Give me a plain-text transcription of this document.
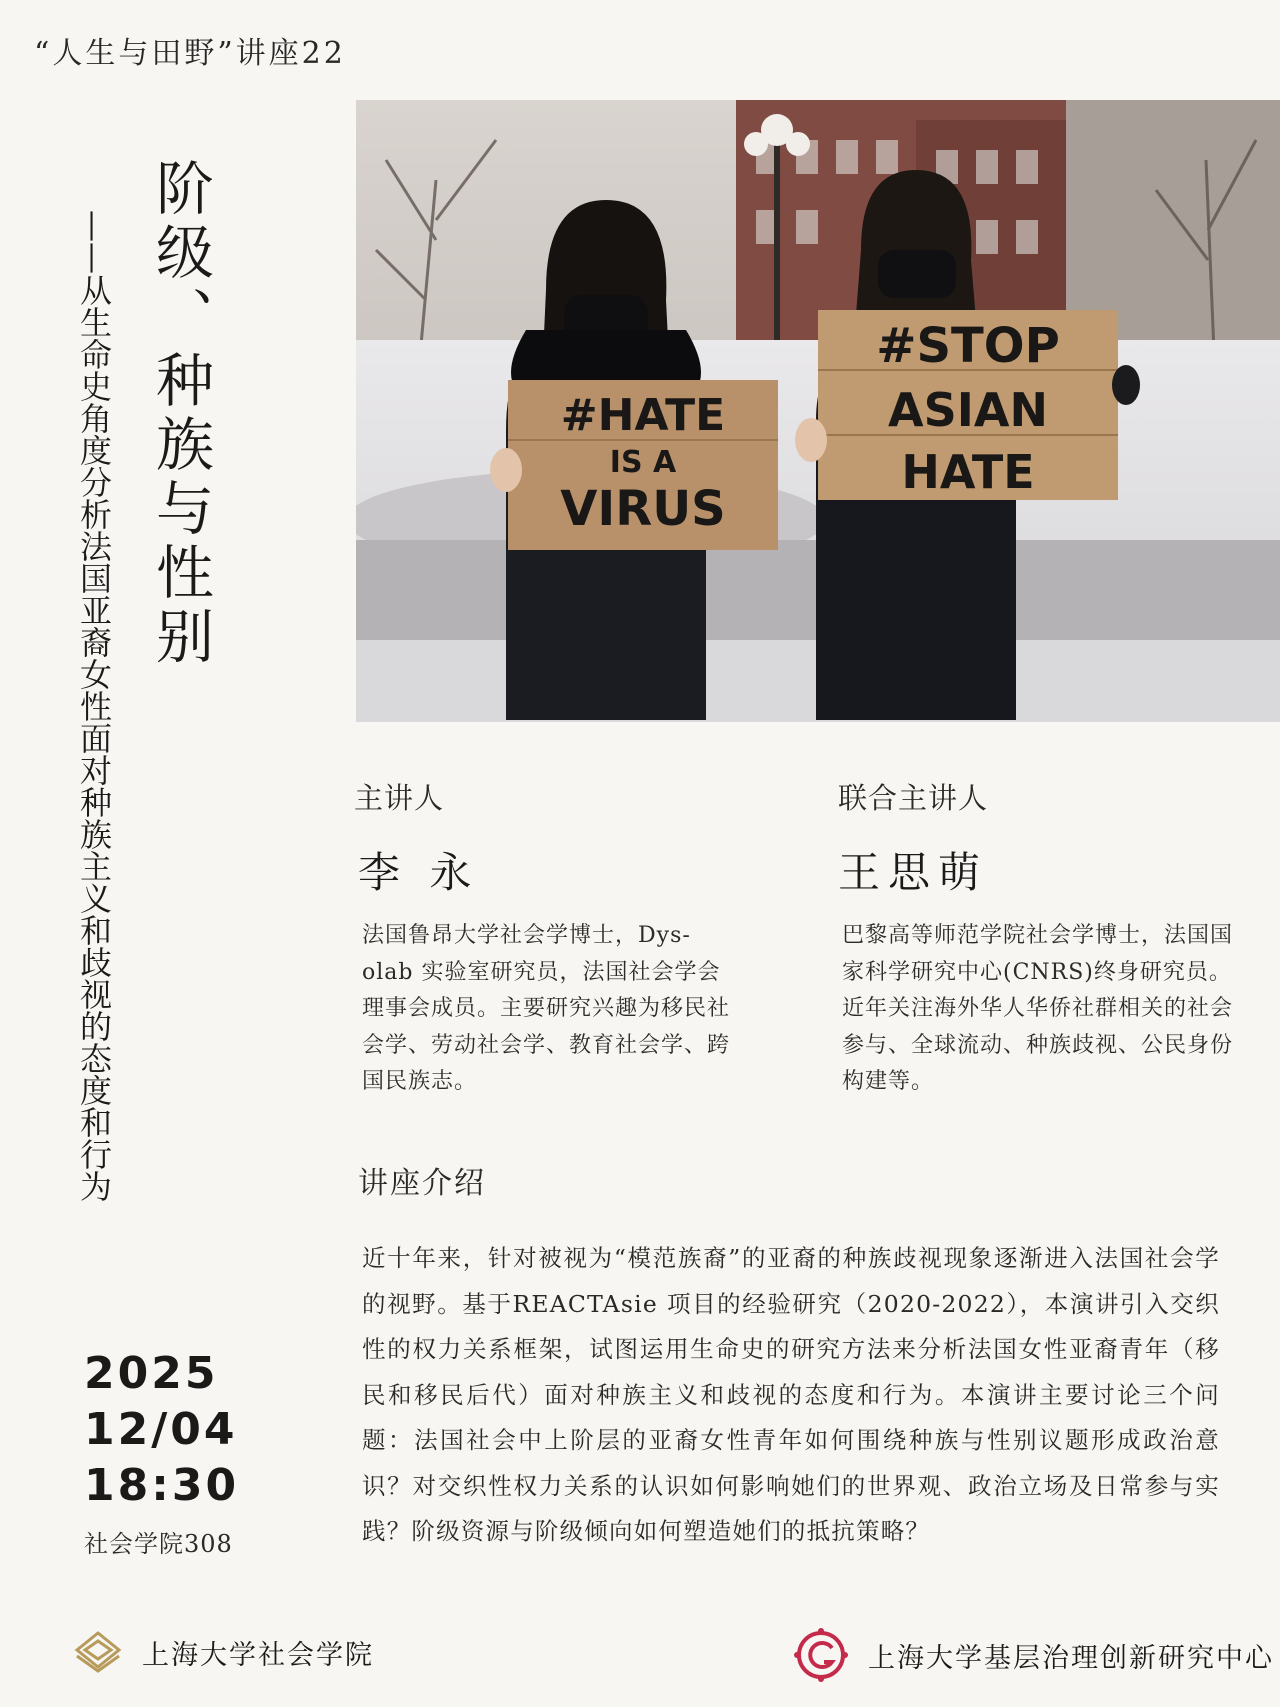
“人生与田野”讲座22
阶级、种族与性别
——从生命史角度分析法国亚裔女性面对种族主义和歧视的态度和行为	#HATE
IS A
VIRUS
#STOP
ASIAN
HATE
主讲人
李 永
法国鲁昂大学社会学博士，Dys-olab 实验室研究员，法国社会学会理事会成员。主要研究兴趣为移民社会学、劳动社会学、教育社会学、跨国民族志。
联合主讲人
王思萌
巴黎高等师范学院社会学博士，法国国家科学研究中心(CNRS)终身研究员。近年关注海外华人华侨社群相关的社会参与、全球流动、种族歧视、公民身份构建等。
讲座介绍
近十年来，针对被视为“模范族裔”的亚裔的种族歧视现象逐渐进入法国社会学的视野。基于REACTAsie 项目的经验研究（2020-2022），本演讲引入交织性的权力关系框架，试图运用生命史的研究方法来分析法国女性亚裔青年（移民和移民后代）面对种族主义和歧视的态度和行为。本演讲主要讨论三个问题：法国社会中上阶层的亚裔女性青年如何围绕种族与性别议题形成政治意识？对交织性权力关系的认识如何影响她们的世界观、政治立场及日常参与实践？阶级资源与阶级倾向如何塑造她们的抵抗策略？
2025
12/04
18:30
社会学院308
上海大学社会学院	上海大学基层治理创新研究中心
